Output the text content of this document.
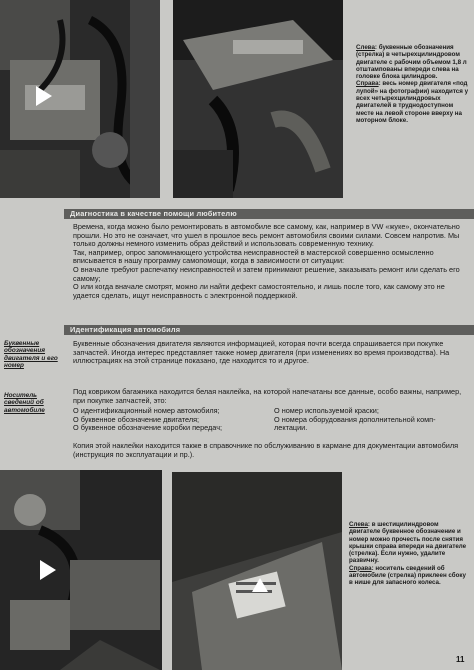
Слева: буквенные обозначения (стрелка) в четырехцилиндровом двигателе с рабочим объемом 1,8 л отштампованы впереди слева на головке блока цилиндров.
Справа: весь номер двигателя «под лупой» на фотографии) находится у всех четырехцилиндровых двигателей в труднодоступном месте на левой стороне вверху на моторном блоке.
Диагностика в качестве помощи любителю

Времена, когда можно было ремонтировать в автомобиле все самому, как, например в VW «жуке», окончательно прошли. Но это не означает, что ушел в прошлое весь ремонт автомобиля своими силами. Совсем напротив. Мы только должны немного изменить образ действий и использовать современную технику.

Так, например, опрос запоминающего устройства неисправностей в мастерской совершенно осмысленно вписывается в нашу программу самопомощи, когда в зависимости от ситуации:

О вначале требуют распечатку неисправностей и затем принимают решение, заказывать ремонт или сделать его самому;

О или когда вначале смотрят, можно ли найти дефект самостоятельно, и лишь после того, как самому это не удается сделать, ищут неисправность с электронной поддержкой.

Идентификация автомобиля
Буквенные обозначения двигателя и его номер
Буквенные обозначения двигателя являются информацией, которая почти всегда спрашивается при покупке запчастей. Иногда интерес представляет также номер двигателя (при изменениях во время производства). На иллюстрациях на этой странице показано, где находится то и другое.
Носитель сведений об автомобиле
Под ковриком багажника находится белая наклейка, на которой напечатаны все данные, особо важны, например, при покупке запчастей, это:
О идентификационный номер автомобиля;
О буквенное обозначение двигателя;
О буквенное обозначение коробки передач;
О номер используемой краски;
О номера оборудования дополнительной комп-
лектации.
Копия этой наклейки находится также в справочнике по обслуживанию в кармане для документации автомобиля (инструкция по эксплуатации и пр.).
Слева: в шестицилиндровом двигателе буквенное обозначение и номер можно прочесть после снятия крышки справа впереди на двигателе (стрелка). Если нужно, удалите рaзвичну.
Справа: носитель сведений об автомобиле (стрелка) приклеен сбоку в нише для запасного колеса.
11
